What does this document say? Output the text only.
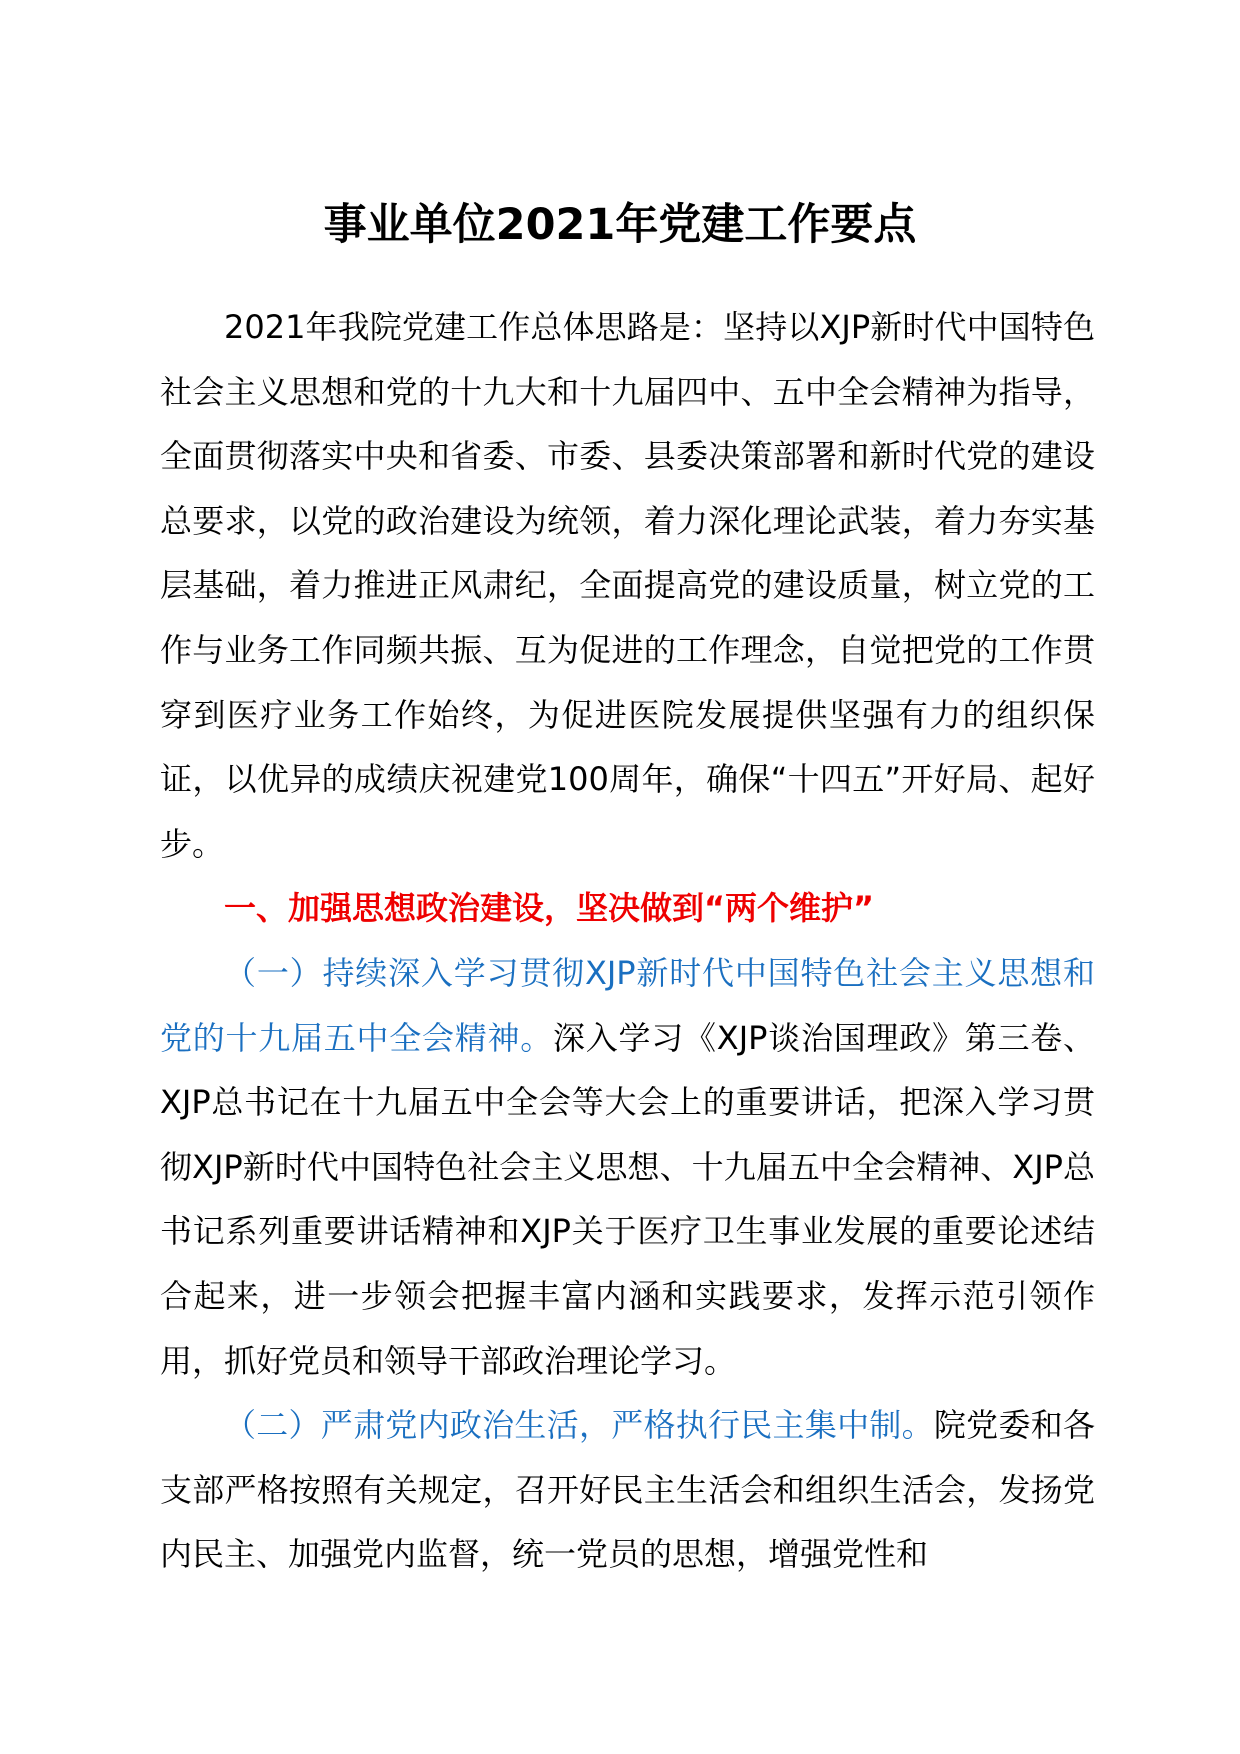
事业单位2021年党建工作要点

2021年我院党建工作总体思路是：坚持以XJP新时代中国特色社会主义思想和党的十九大和十九届四中、五中全会精神为指导，全面贯彻落实中央和省委、市委、县委决策部署和新时代党的建设总要求，以党的政治建设为统领，着力深化理论武装，着力夯实基层基础，着力推进正风肃纪，全面提高党的建设质量，树立党的工作与业务工作同频共振、互为促进的工作理念，自觉把党的工作贯穿到医疗业务工作始终，为促进医院发展提供坚强有力的组织保证，以优异的成绩庆祝建党100周年，确保“十四五”开好局、起好步。

一、加强思想政治建设，坚决做到“两个维护”

（一）持续深入学习贯彻XJP新时代中国特色社会主义思想和党的十九届五中全会精神。深入学习《XJP谈治国理政》第三卷、XJP总书记在十九届五中全会等大会上的重要讲话，把深入学习贯彻XJP新时代中国特色社会主义思想、十九届五中全会精神、XJP总书记系列重要讲话精神和XJP关于医疗卫生事业发展的重要论述结合起来，进一步领会把握丰富内涵和实践要求，发挥示范引领作用，抓好党员和领导干部政治理论学习。

（二）严肃党内政治生活，严格执行民主集中制。院党委和各支部严格按照有关规定，召开好民主生活会和组织生活会，发扬党内民主、加强党内监督，统一党员的思想，增强党性和
